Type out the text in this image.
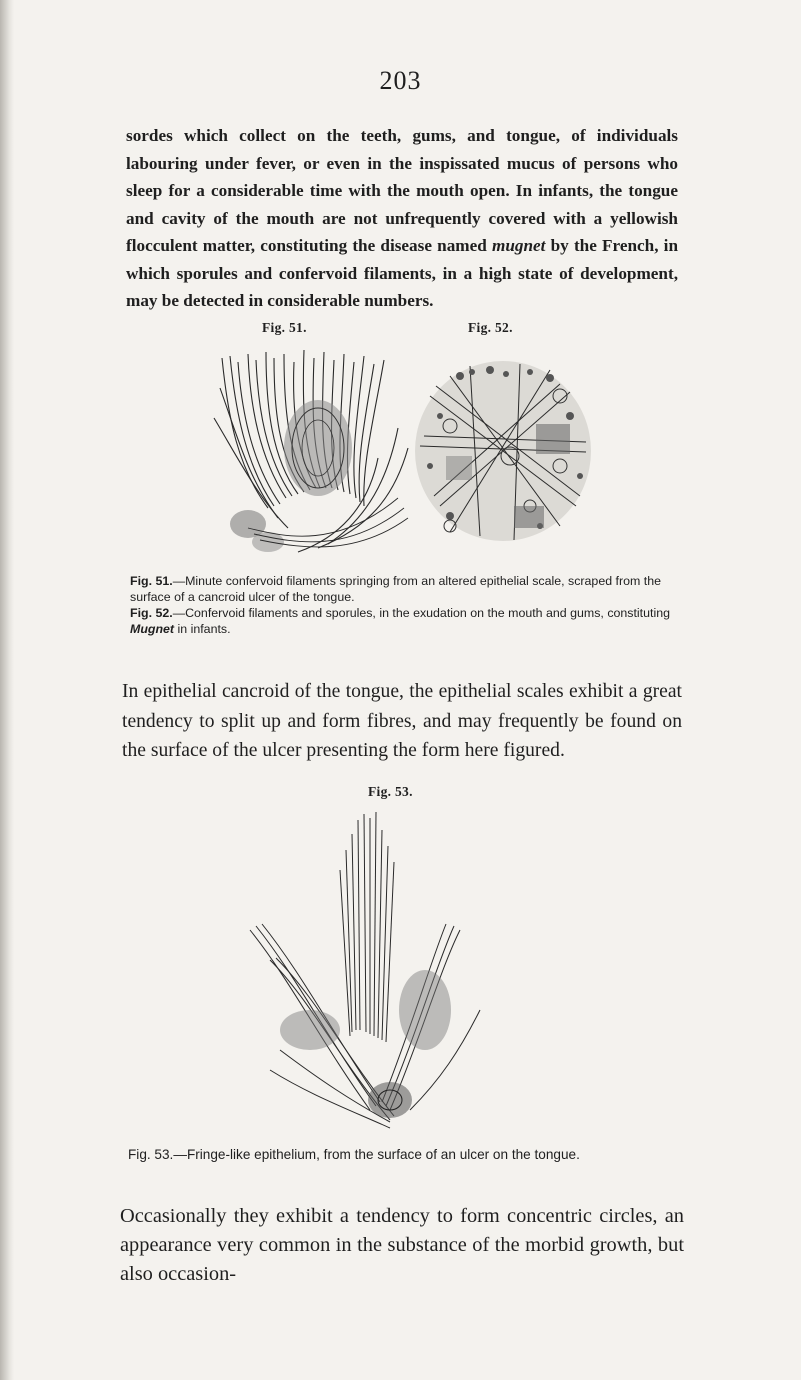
203

sordes which collect on the teeth, gums, and tongue, of individuals labouring under fever, or even in the inspissated mucus of persons who sleep for a considerable time with the mouth open. In infants, the tongue and cavity of the mouth are not unfrequently covered with a yellowish flocculent matter, constituting the disease named mugnet by the French, in which sporules and confervoid filaments, in a high state of development, may be detected in considerable numbers.

Fig. 51.	Fig. 52.

Fig. 51.—Minute confervoid filaments springing from an altered epithelial scale, scraped from the surface of a cancroid ulcer of the tongue.

Fig. 52.—Confervoid filaments and sporules, in the exudation on the mouth and gums, constituting Mugnet in infants.

In epithelial cancroid of the tongue, the epithelial scales exhibit a great tendency to split up and form fibres, and may frequently be found on the surface of the ulcer presenting the form here figured.

Fig. 53.

Fig. 53.—Fringe-like epithelium, from the surface of an ulcer on the tongue.

Occasionally they exhibit a tendency to form concentric circles, an appearance very common in the substance of the morbid growth, but also occasion-
